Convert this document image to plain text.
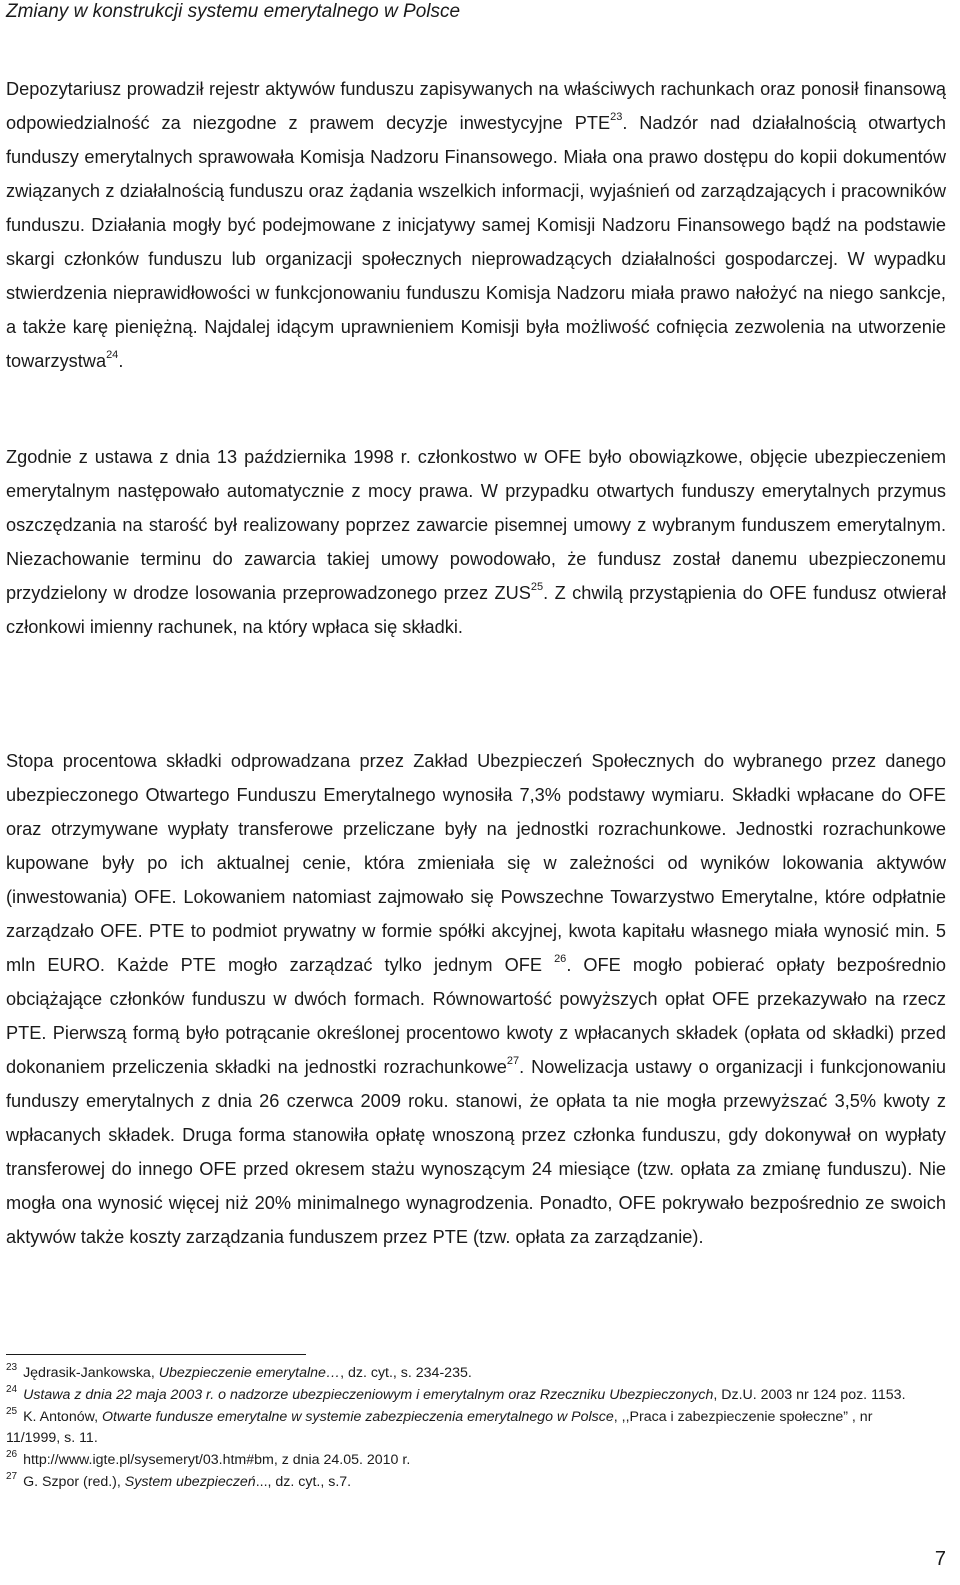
Zmiany w konstrukcji systemu emerytalnego w Polsce

Depozytariusz prowadził rejestr aktywów funduszu zapisywanych na właściwych rachunkach oraz ponosił finansową odpowiedzialność za niezgodne z prawem decyzje inwestycyjne PTE$^{23}$. Nadzór nad działalnością otwartych funduszy emerytalnych sprawowała Komisja Nadzoru Finansowego. Miała ona prawo dostępu do kopii dokumentów związanych z działalnością funduszu oraz żądania wszelkich informacji, wyjaśnień od zarządzających i pracowników funduszu. Działania mogły być podejmowane z inicjatywy samej Komisji Nadzoru Finansowego bądź na podstawie skargi członków funduszu lub organizacji społecznych nieprowadzących działalności gospodarczej. W wypadku stwierdzenia nieprawidłowości w funkcjonowaniu funduszu Komisja Nadzoru miała prawo nałożyć na niego sankcje, a także karę pieniężną. Najdalej idącym uprawnieniem Komisji była możliwość cofnięcia zezwolenia na utworzenie towarzystwa$^{24}$.

Zgodnie z ustawa z dnia 13 października 1998 r. członkostwo w OFE było obowiązkowe, objęcie ubezpieczeniem emerytalnym następowało automatycznie z mocy prawa. W przypadku otwartych funduszy emerytalnych przymus oszczędzania na starość był realizowany poprzez zawarcie pisemnej umowy z wybranym funduszem emerytalnym. Niezachowanie terminu do zawarcia takiej umowy powodowało, że fundusz został danemu ubezpieczonemu przydzielony w drodze losowania przeprowadzonego przez ZUS$^{25}$. Z chwilą przystąpienia do OFE fundusz otwierał członkowi imienny rachunek, na który wpłaca się składki.

Stopa procentowa składki odprowadzana przez Zakład Ubezpieczeń Społecznych do wybranego przez danego ubezpieczonego Otwartego Funduszu Emerytalnego wynosiła 7,3% podstawy wymiaru. Składki wpłacane do OFE oraz otrzymywane wypłaty transferowe przeliczane były na jednostki rozrachunkowe. Jednostki rozrachunkowe kupowane były po ich aktualnej cenie, która zmieniała się w zależności od wyników lokowania aktywów (inwestowania) OFE. Lokowaniem natomiast zajmowało się Powszechne Towarzystwo Emerytalne, które odpłatnie zarządzało OFE. PTE to podmiot prywatny w formie spółki akcyjnej, kwota kapitału własnego miała wynosić min. 5 mln EURO. Każde PTE mogło zarządzać tylko jednym OFE $^{26}$. OFE mogło pobierać opłaty bezpośrednio obciążające członków funduszu w dwóch formach. Równowartość powyższych opłat OFE przekazywało na rzecz PTE. Pierwszą formą było potrącanie określonej procentowo kwoty z wpłacanych składek (opłata od składki) przed dokonaniem przeliczenia składki na jednostki rozrachunkowe$^{27}$. Nowelizacja ustawy o organizacji i funkcjonowaniu funduszy emerytalnych z dnia 26 czerwca 2009 roku. stanowi, że opłata ta nie mogła przewyższać 3,5% kwoty z wpłacanych składek. Druga forma stanowiła opłatę wnoszoną przez członka funduszu, gdy dokonywał on wypłaty transferowej do innego OFE przed okresem stażu wynoszącym 24 miesiące (tzw. opłata za zmianę funduszu). Nie mogła ona wynosić więcej niż 20% minimalnego wynagrodzenia. Ponadto, OFE pokrywało bezpośrednio ze swoich aktywów także koszty zarządzania funduszem przez PTE (tzw. opłata za zarządzanie).

$^{23}$ Jędrasik-Jankowska, Ubezpieczenie emerytalne…, dz. cyt., s. 234-235.

$^{24}$ Ustawa z dnia 22 maja 2003 r. o nadzorze ubezpieczeniowym i emerytalnym oraz Rzeczniku Ubezpieczonych, Dz.U. 2003 nr 124 poz. 1153.

$^{25}$ K. Antonów, Otwarte fundusze emerytalne w systemie zabezpieczenia emerytalnego w Polsce, ,,Praca i zabezpieczenie społeczne” , nr 11/1999, s. 11.

$^{26}$ http://www.igte.pl/sysemeryt/03.htm#bm, z dnia 24.05. 2010 r.

$^{27}$ G. Szpor (red.), System ubezpieczeń..., dz. cyt., s.7.

7
